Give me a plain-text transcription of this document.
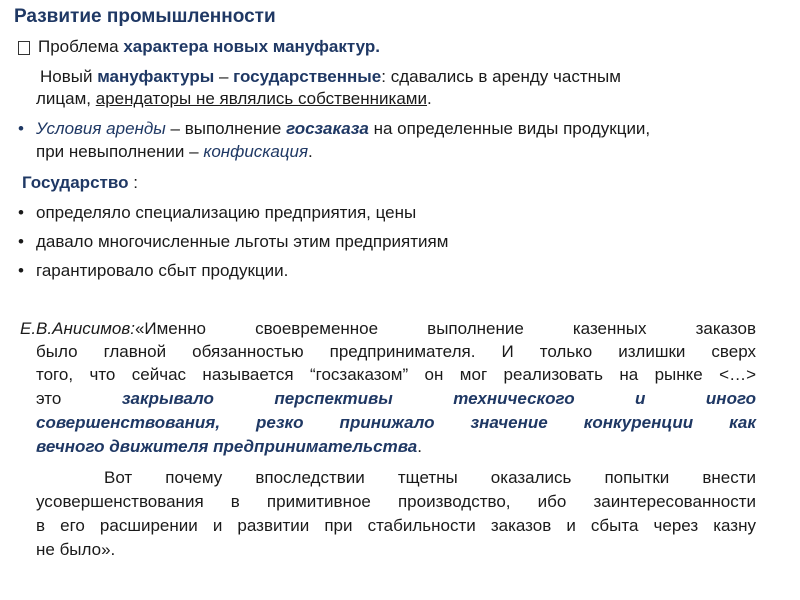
Развитие промышленности
Проблема характера новых мануфактур.
Новый мануфактуры – государственные: сдавались в аренду частным
лицам, арендаторы не являлись собственниками.
• Условия аренды – выполнение госзаказа на определенные виды продукции,
при невыполнении – конфискация.
Государство :
• определяло специализацию предприятия, цены
• давало многочисленные льготы этим предприятиям
• гарантировало сбыт продукции.
Е.В.Анисимов:«Именно своевременное выполнение казенных заказов
было главной обязанностью предпринимателя. И только излишки сверх
того, что сейчас называется “госзаказом” он мог реализовать на рынке <…>
это закрывало перспективы технического и иного
совершенствования, резко принижало значение конкуренции как
вечного движителя предпринимательства.
Вот почему впоследствии тщетны оказались попытки внести
усовершенствования в примитивное производство, ибо заинтересованности
в его расширении и развитии при стабильности заказов и сбыта через казну
не было».
